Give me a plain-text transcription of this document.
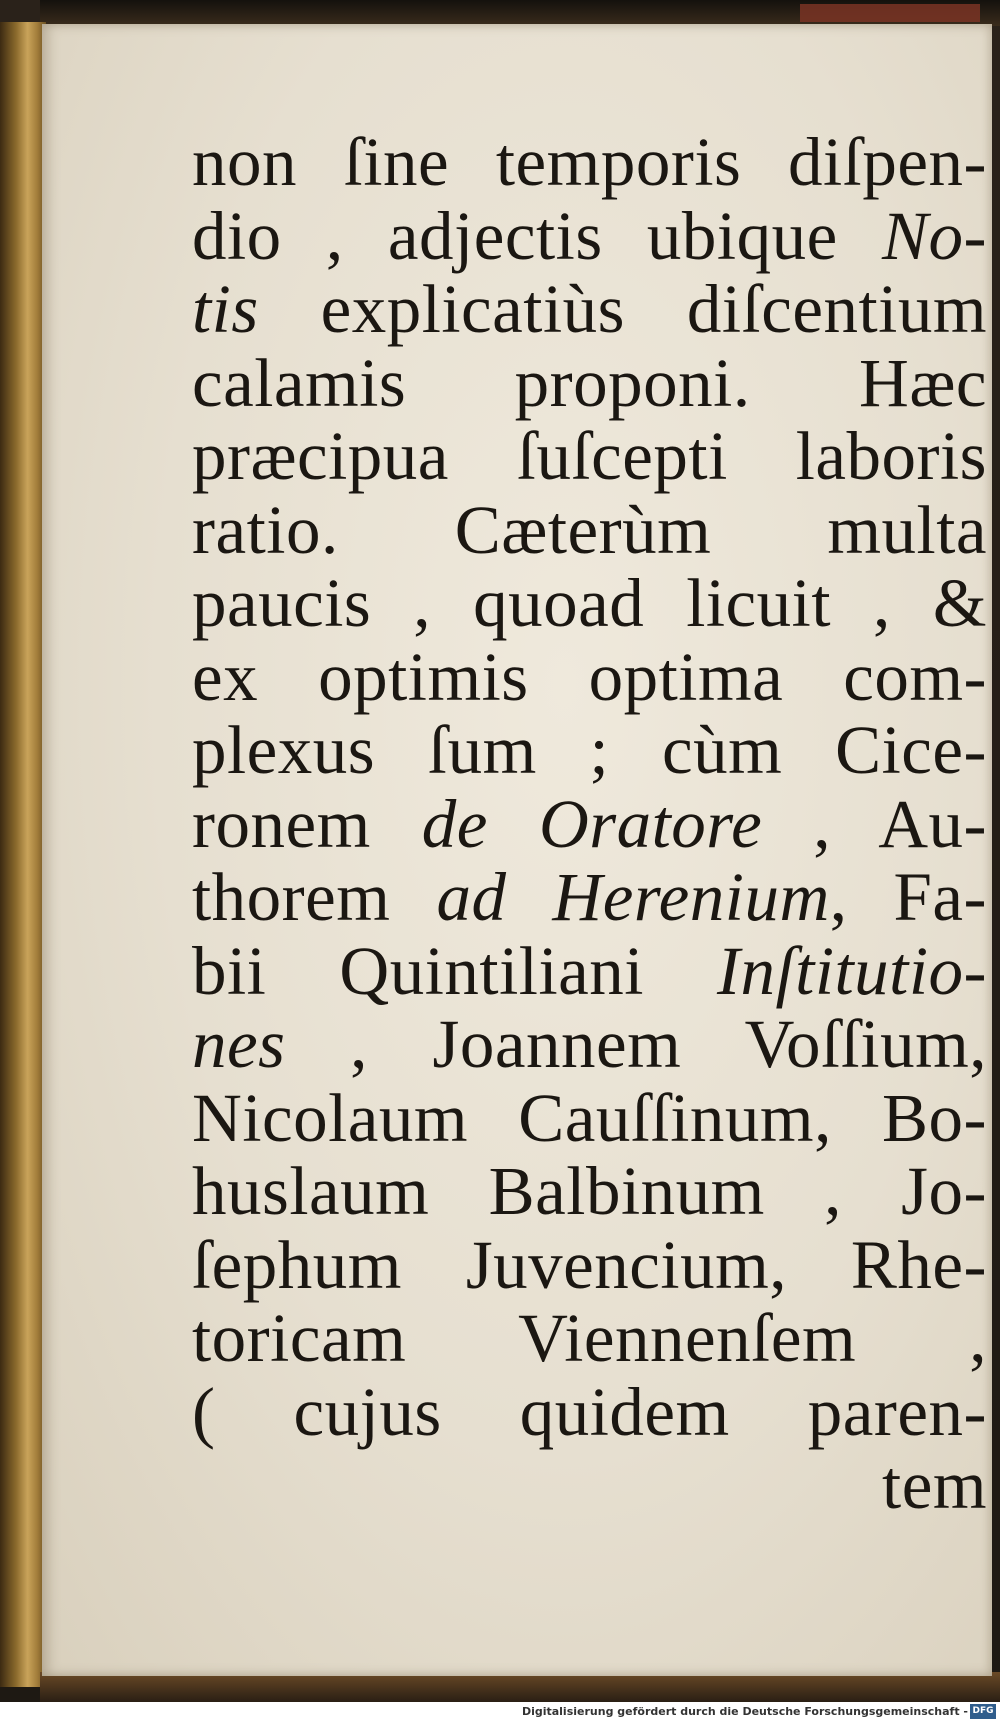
non ſine temporis diſpen-
dio , adjectis ubique No-
tis explicatiùs diſcentium
calamis proponi. Hæc
præcipua ſuſcepti laboris
ratio. Cæterùm multa
paucis , quoad licuit , &
ex optimis optima com-
plexus ſum ; cùm Cice-
ronem de Oratore , Au-
thorem ad Herenium, Fa-
bii Quintiliani Inſtitutio-
nes , Joannem Voſſium,
Nicolaum Cauſſinum, Bo-
huslaum Balbinum , Jo-
ſephum Juvencium, Rhe-
toricam Viennenſem ,
( cujus quidem paren-
tem
Digitalisierung gefördert durch die Deutsche Forschungsgemeinschaft - DFG
